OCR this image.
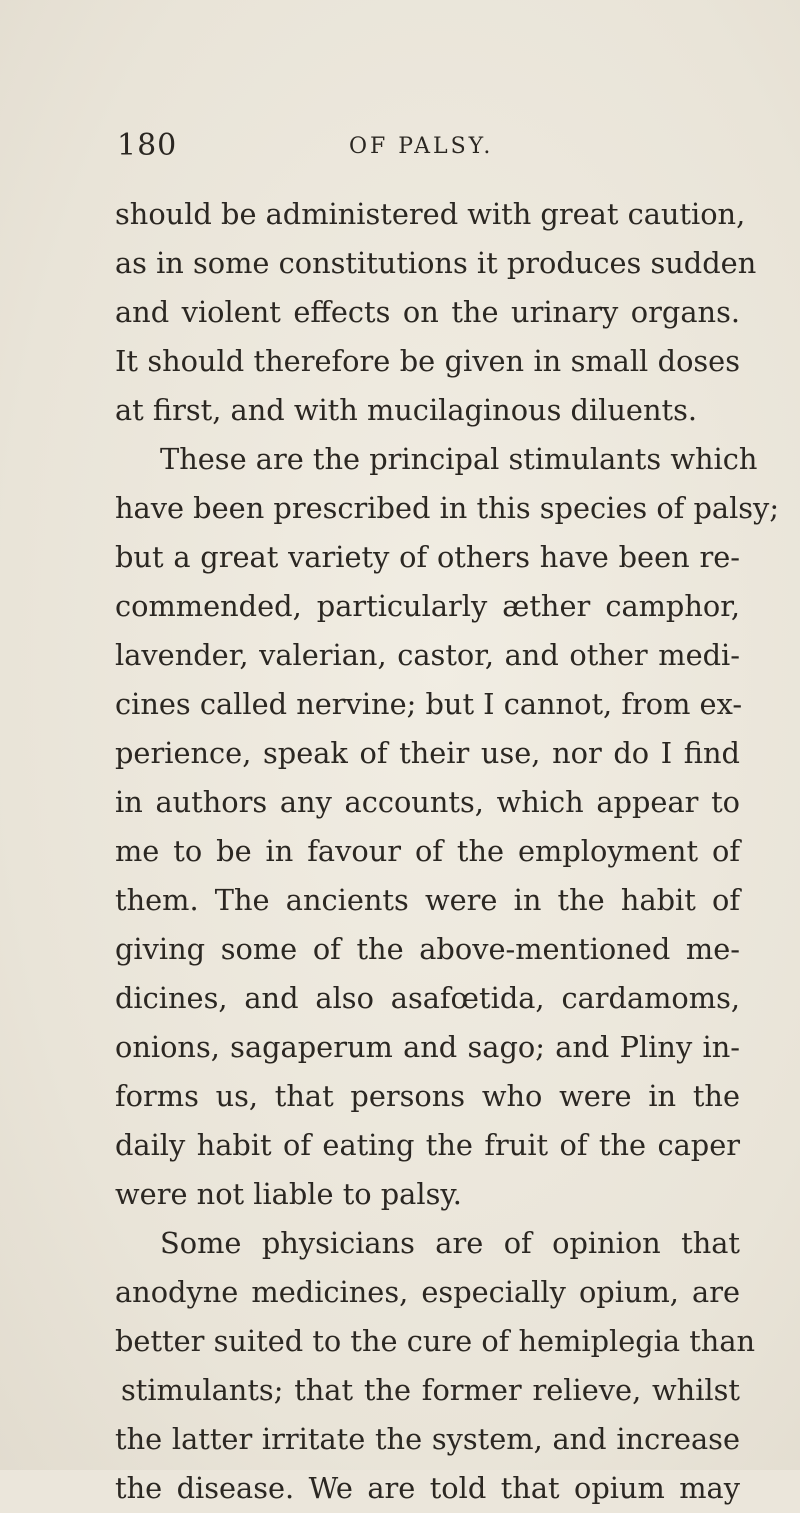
180	OF PALSY.
should be administered with great caution,
as in some constitutions it produces sudden
and violent effects on the urinary organs.
It should therefore be given in small doses
at first, and with mucilaginous diluents.
These are the principal stimulants which
have been prescribed in this species of palsy;
but a great variety of others have been re-
commended, particularly æther camphor,
lavender, valerian, castor, and other medi-
cines called nervine; but I cannot, from ex-
perience, speak of their use, nor do I find
in authors any accounts, which appear to
me to be in favour of the employment of
them. The ancients were in the habit of
giving some of the above-mentioned me-
dicines, and also asafœtida, cardamoms,
onions, sagaperum and sago; and Pliny in-
forms us, that persons who were in the
daily habit of eating the fruit of the caper
were not liable to palsy.
Some physicians are of opinion that
anodyne medicines, especially opium, are
better suited to the cure of hemiplegia than
stimulants; that the former relieve, whilst
the latter irritate the system, and increase
the disease. We are told that opium may
